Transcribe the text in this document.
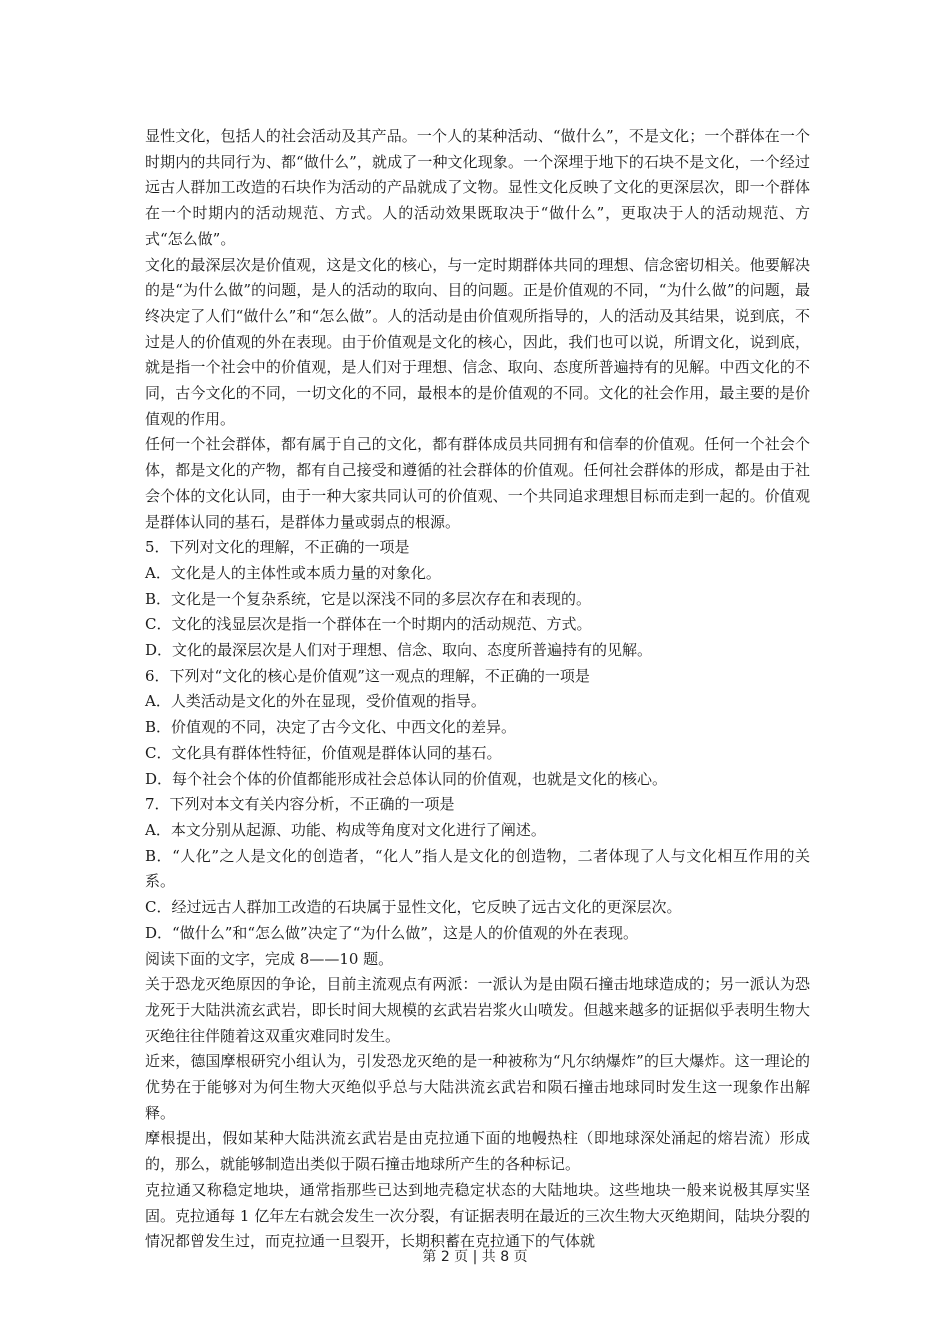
显性文化，包括人的社会活动及其产品。一个人的某种活动、“做什么”，不是文化；一个群体在一个时期内的共同行为、都“做什么”，就成了一种文化现象。一个深埋于地下的石块不是文化，一个经过远古人群加工改造的石块作为活动的产品就成了文物。显性文化反映了文化的更深层次，即一个群体在一个时期内的活动规范、方式。人的活动效果既取决于“做什么”，更取决于人的活动规范、方式“怎么做”。

文化的最深层次是价值观，这是文化的核心，与一定时期群体共同的理想、信念密切相关。他要解决的是“为什么做”的问题，是人的活动的取向、目的问题。正是价值观的不同，“为什么做”的问题，最终决定了人们“做什么”和“怎么做”。人的活动是由价值观所指导的，人的活动及其结果，说到底，不过是人的价值观的外在表现。由于价值观是文化的核心，因此，我们也可以说，所谓文化，说到底，就是指一个社会中的价值观，是人们对于理想、信念、取向、态度所普遍持有的见解。中西文化的不同，古今文化的不同，一切文化的不同，最根本的是价值观的不同。文化的社会作用，最主要的是价值观的作用。

任何一个社会群体，都有属于自己的文化，都有群体成员共同拥有和信奉的价值观。任何一个社会个体，都是文化的产物，都有自己接受和遵循的社会群体的价值观。任何社会群体的形成，都是由于社会个体的文化认同，由于一种大家共同认可的价值观、一个共同追求理想目标而走到一起的。价值观是群体认同的基石，是群体力量或弱点的根源。

5．下列对文化的理解，不正确的一项是

A．文化是人的主体性或本质力量的对象化。

B．文化是一个复杂系统，它是以深浅不同的多层次存在和表现的。

C．文化的浅显层次是指一个群体在一个时期内的活动规范、方式。

D．文化的最深层次是人们对于理想、信念、取向、态度所普遍持有的见解。

6．下列对“文化的核心是价值观”这一观点的理解，不正确的一项是

A．人类活动是文化的外在显现，受价值观的指导。

B．价值观的不同，决定了古今文化、中西文化的差异。

C．文化具有群体性特征，价值观是群体认同的基石。

D．每个社会个体的价值都能形成社会总体认同的价值观，也就是文化的核心。

7．下列对本文有关内容分析，不正确的一项是

A．本文分别从起源、功能、构成等角度对文化进行了阐述。

B．“人化”之人是文化的创造者，“化人”指人是文化的创造物，二者体现了人与文化相互作用的关系。

C．经过远古人群加工改造的石块属于显性文化，它反映了远古文化的更深层次。

D．“做什么”和“怎么做”决定了“为什么做”，这是人的价值观的外在表现。

阅读下面的文字，完成 8——10 题。

关于恐龙灭绝原因的争论，目前主流观点有两派：一派认为是由陨石撞击地球造成的；另一派认为恐龙死于大陆洪流玄武岩，即长时间大规模的玄武岩岩浆火山喷发。但越来越多的证据似乎表明生物大灭绝往往伴随着这双重灾难同时发生。

近来，德国摩根研究小组认为，引发恐龙灭绝的是一种被称为“凡尔纳爆炸”的巨大爆炸。这一理论的优势在于能够对为何生物大灭绝似乎总与大陆洪流玄武岩和陨石撞击地球同时发生这一现象作出解释。

摩根提出，假如某种大陆洪流玄武岩是由克拉通下面的地幔热柱（即地球深处涌起的熔岩流）形成的，那么，就能够制造出类似于陨石撞击地球所产生的各种标记。

克拉通又称稳定地块，通常指那些已达到地壳稳定状态的大陆地块。这些地块一般来说极其厚实坚固。克拉通每 1 亿年左右就会发生一次分裂，有证据表明在最近的三次生物大灭绝期间，陆块分裂的情况都曾发生过，而克拉通一旦裂开，长期积蓄在克拉通下的气体就

第 2 页 | 共 8 页
